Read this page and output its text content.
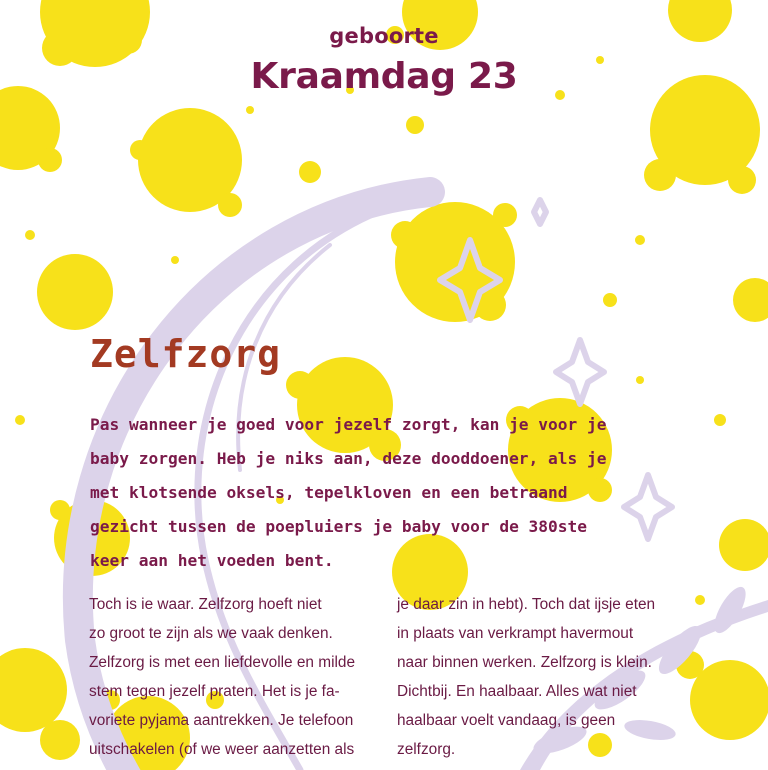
geboorte
Kraamdag 23
Zelfzorg
Pas wanneer je goed voor jezelf zorgt, kan je voor je
baby zorgen. Heb je niks aan, deze dooddoener, als je
met klotsende oksels, tepelkloven en een betraand
gezicht tussen de poepluiers je baby voor de 380ste
keer aan het voeden bent.
Toch is ie waar. Zelfzorg hoeft niet
zo groot te zijn als we vaak denken.
Zelfzorg is met een liefdevolle en milde
stem tegen jezelf praten. Het is je fa-
voriete pyjama aantrekken. Je telefoon
uitschakelen (of we weer aanzetten als
je daar zin in hebt). Toch dat ijsje eten
in plaats van verkrampt havermout
naar binnen werken. Zelfzorg is klein.
Dichtbij. En haalbaar. Alles wat niet
haalbaar voelt vandaag, is geen
zelfzorg.
